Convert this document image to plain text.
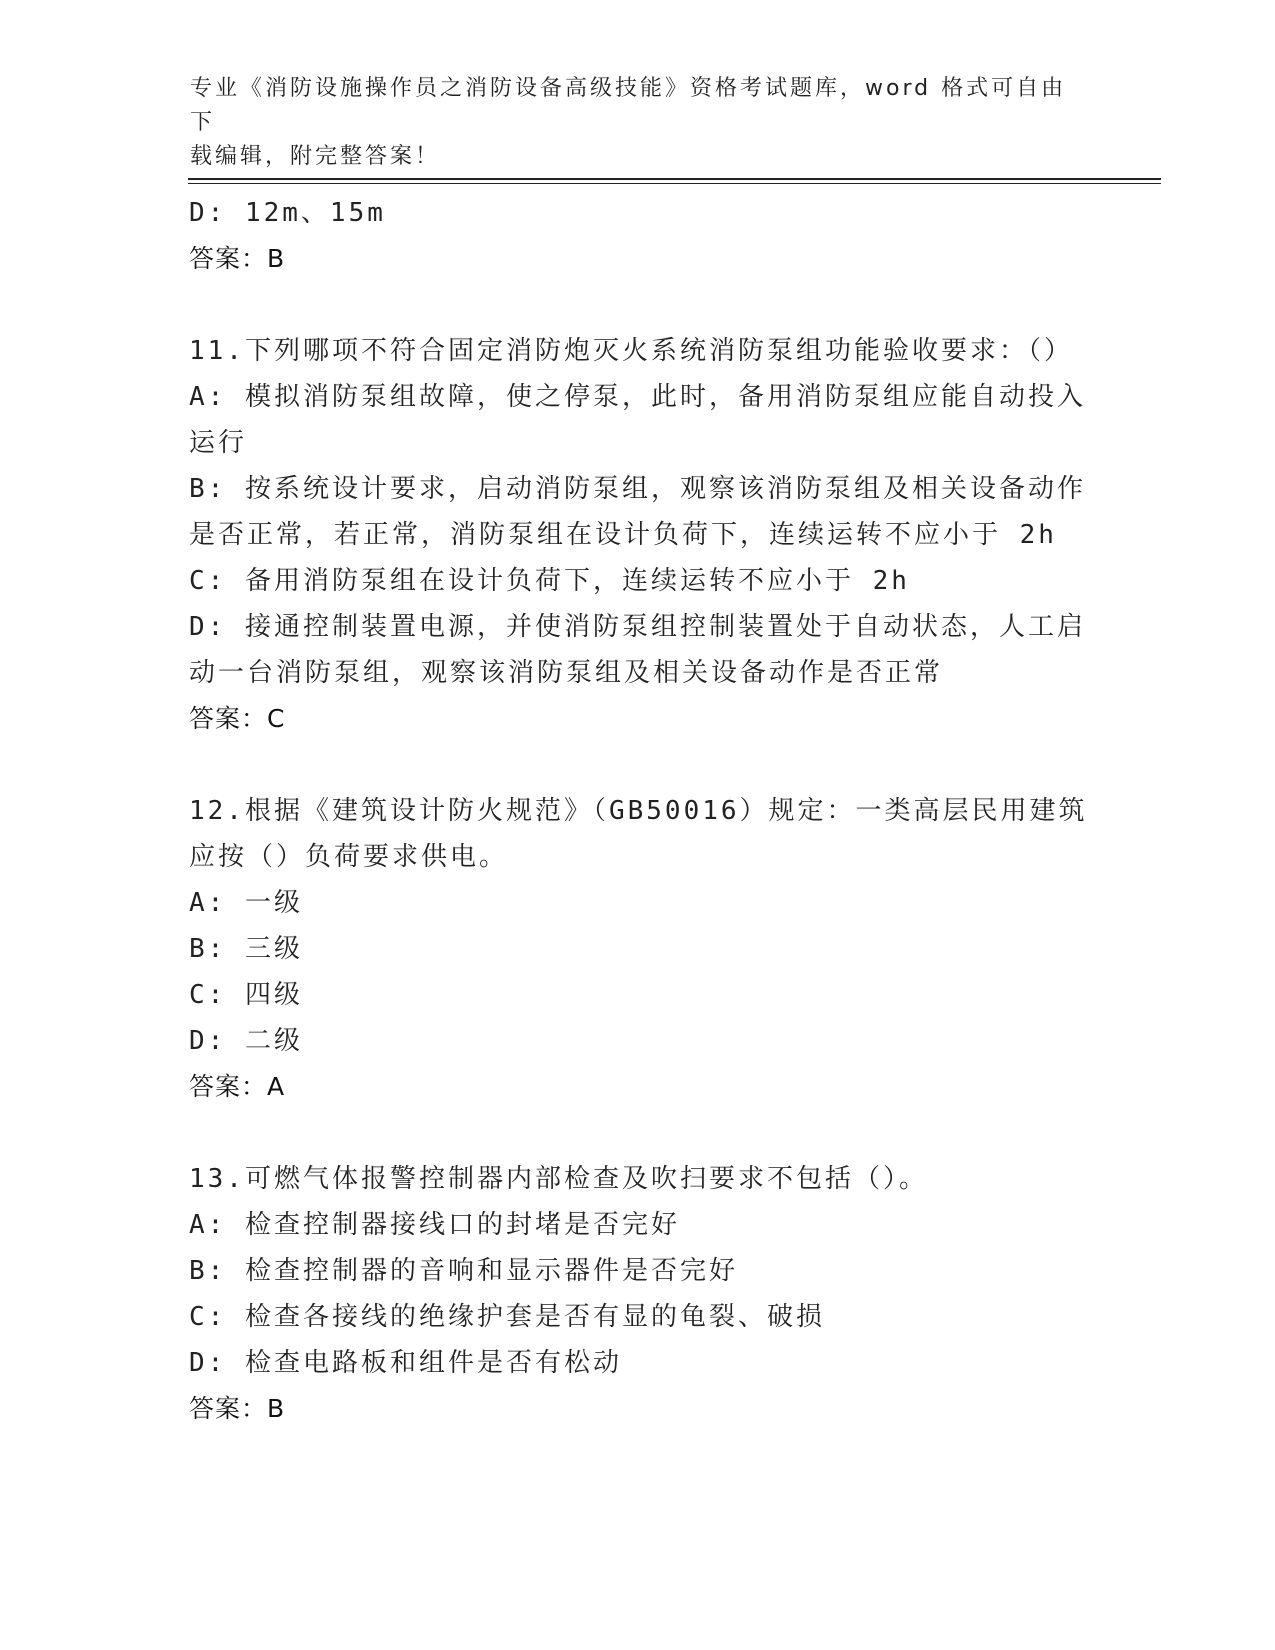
专业《消防设施操作员之消防设备高级技能》资格考试题库，word 格式可自由下
载编辑，附完整答案！
D: 12m、15m
答案：B
11.下列哪项不符合固定消防炮灭火系统消防泵组功能验收要求：（）
A: 模拟消防泵组故障，使之停泵，此时，备用消防泵组应能自动投入
运行
B: 按系统设计要求，启动消防泵组，观察该消防泵组及相关设备动作
是否正常，若正常，消防泵组在设计负荷下，连续运转不应小于 2h
C: 备用消防泵组在设计负荷下，连续运转不应小于 2h
D: 接通控制装置电源，并使消防泵组控制装置处于自动状态，人工启
动一台消防泵组，观察该消防泵组及相关设备动作是否正常
答案：C
12.根据《建筑设计防火规范》（GB50016）规定：一类高层民用建筑
应按（）负荷要求供电。
A: 一级
B: 三级
C: 四级
D: 二级
答案：A
13.可燃气体报警控制器内部检查及吹扫要求不包括（）。
A: 检查控制器接线口的封堵是否完好
B: 检查控制器的音响和显示器件是否完好
C: 检查各接线的绝缘护套是否有显的龟裂、破损
D: 检查电路板和组件是否有松动
答案：B
